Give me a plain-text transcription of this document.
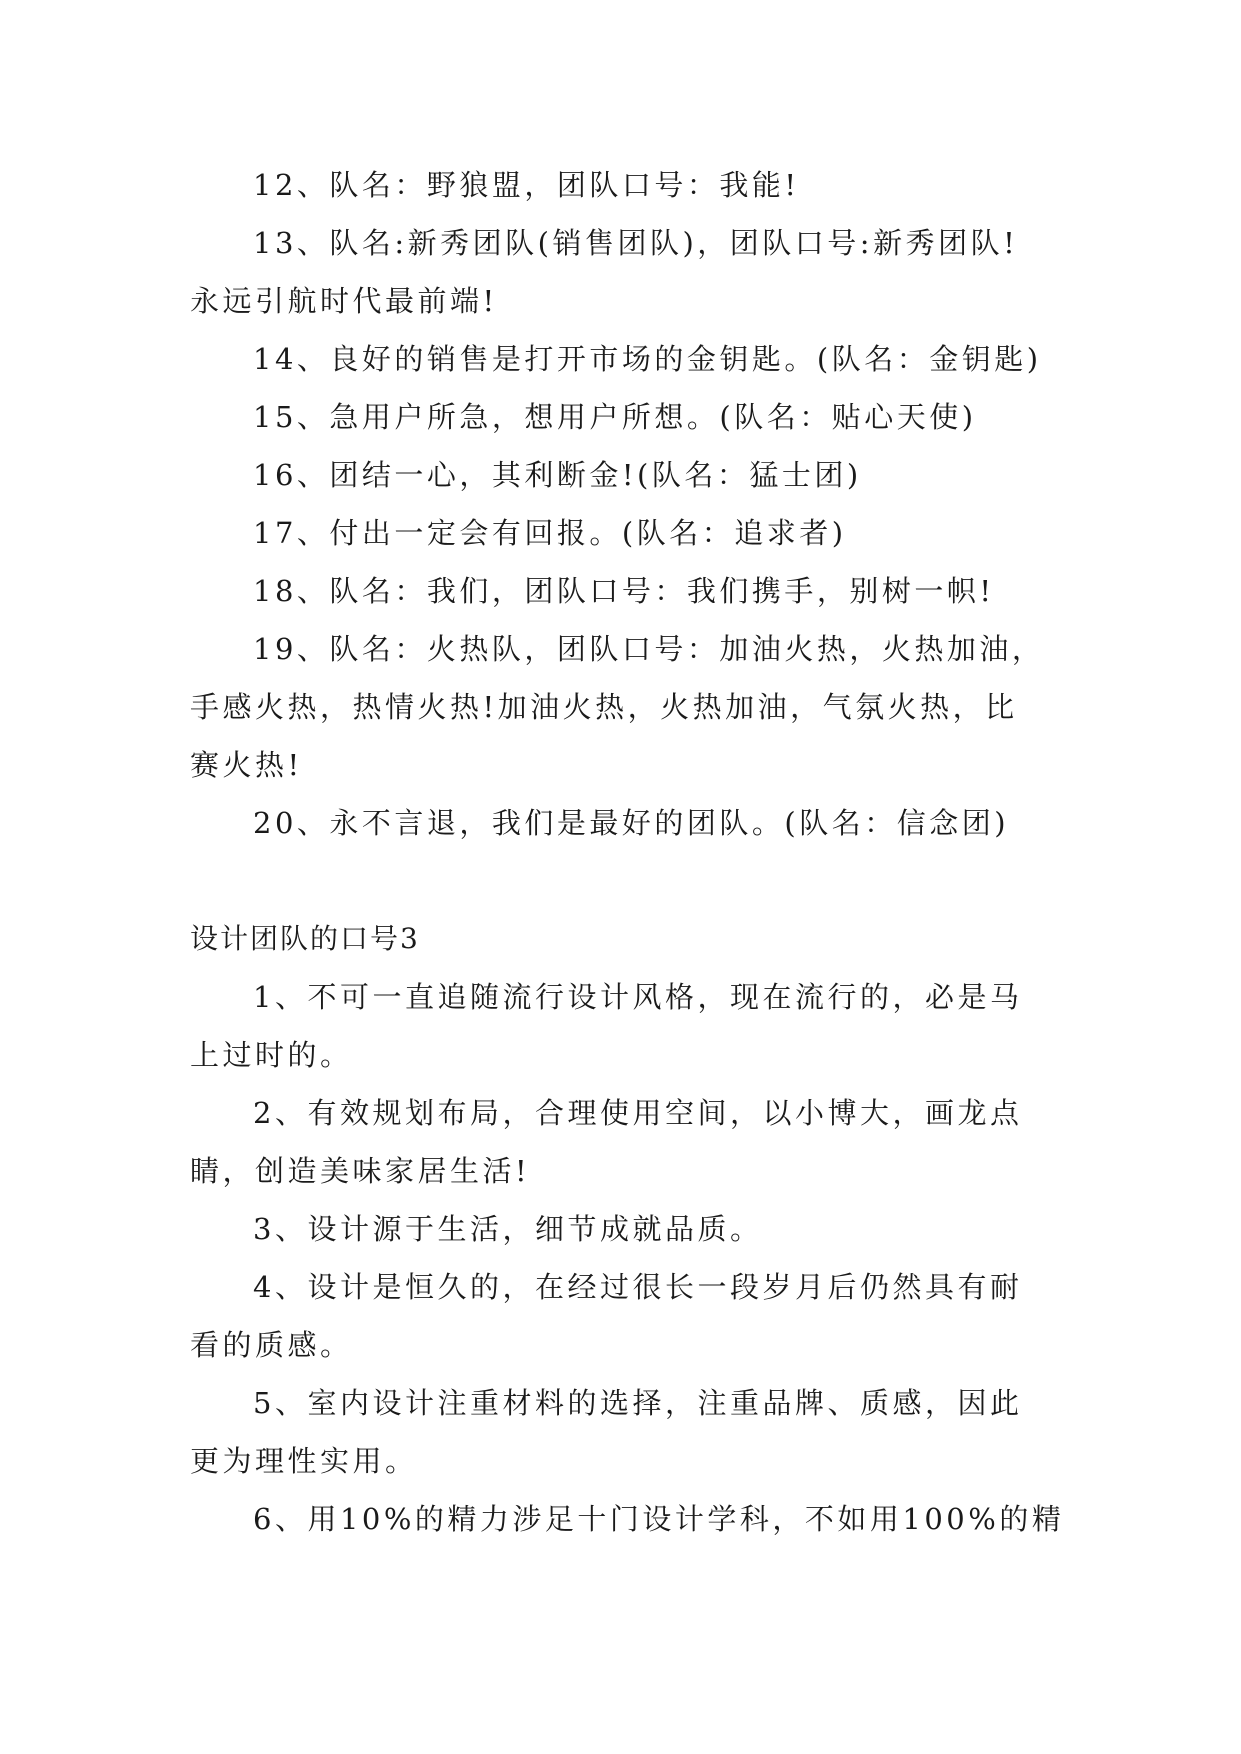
12、队名：野狼盟，团队口号：我能!
13、队名:新秀团队(销售团队)，团队口号:新秀团队!
永远引航时代最前端!
14、良好的销售是打开市场的金钥匙。(队名：金钥匙)
15、急用户所急，想用户所想。(队名：贴心天使)
16、团结一心，其利断金!(队名：猛士团)
17、付出一定会有回报。(队名：追求者)
18、队名：我们，团队口号：我们携手，别树一帜!
19、队名：火热队，团队口号：加油火热，火热加油，
手感火热，热情火热!加油火热，火热加油，气氛火热，比
赛火热!
20、永不言退，我们是最好的团队。(队名：信念团)
设计团队的口号3
1、不可一直追随流行设计风格，现在流行的，必是马
上过时的。
2、有效规划布局，合理使用空间，以小博大，画龙点
睛，创造美味家居生活!
3、设计源于生活，细节成就品质。
4、设计是恒久的，在经过很长一段岁月后仍然具有耐
看的质感。
5、室内设计注重材料的选择，注重品牌、质感，因此
更为理性实用。
6、用10%的精力涉足十门设计学科，不如用100%的精
